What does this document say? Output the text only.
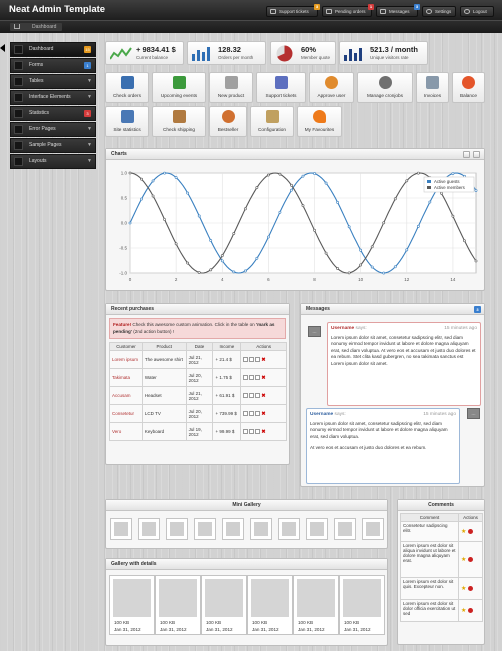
Neat Admin Template	Support tickets
3
Pending orders
1
Messages
3
Settings	Logout
Dashboard
Dashboard	15
Forms	1
Tables	▼
Interface Elements	▼
Statistics	3
Error Pages	▼
Sample Pages	▼
Layouts	▼
+ 9834.41 $
Current balance
128.32
Orders per month
60%
Member quote
521.3 / month
Unique visitors rate
Check orders	Upcoming events	New product	Support tickets	Approve user	Manage cronjobs	Invoices	Balance
Site statistics	Check shipping	Bestseller	Configuration	My Favourites
Charts
0	2	4	6	8	10	12	14
1.0
0.5
0.0
-0.5
-1.0
Active guests
Active members
Recent purchases
Feature! Check this awesome custom animation. Click in the table on 'mark as pending' (2nd action button) !
Customer	Product	Date	Income	Actions
Lorem ipsum	The awesome shirt	Jul 21, 2012	+ 21.4 $	✖
Takimata	Water	Jul 20, 2012	+ 1.75 $	✖
Accusam	Headset	Jul 21, 2012	+ 61.91 $	✖
Consetetur	LCD TV	Jul 20, 2012	+ 739.99 $	✖
Vero	Keyboard	Jul 19, 2012	+ 99.99 $	✖
Messages	3
---
Username says:	15 minutes ago
Lorem ipsum dolor sit amet, consetetur sadipscing elitr, sed diam nonumy eirmod tempor invidunt ut labore et dolore magna aliquyam erat, sed diam voluptua. At vero eos et accusam et justo duo dolores et ea rebum. Stet clita kasd gubergren, no sea takimata sanctus est Lorem ipsum dolor sit amet.
Username says:	15 minutes ago
Lorem ipsum dolor sit amet, consetetur sadipscing elitr, sed diam nonumy eirmod tempor invidunt ut labore et dolore magna aliquyam erat, sed diam voluptua.
At vero eos et accusam et justo duo dolores et ea rebum.
---
Mini Gallery
Gallery with details
100 KB
Jan 31, 2012
100 KB
Jan 31, 2012
100 KB
Jan 31, 2012
100 KB
Jan 31, 2012
100 KB
Jan 31, 2012
100 KB
Jan 31, 2012
Comments
Comment	Actions
Consetetur sadipscing elitr.	★
Lorem ipsum est dolor sit aliqua invidunt ut labore et dolore magna aliquyam erat.	★
Lorem ipsum est dolor sit quis. Excepteur non.	★
Lorem ipsum est dolor sit dolor officia exercitation ut sed	★
